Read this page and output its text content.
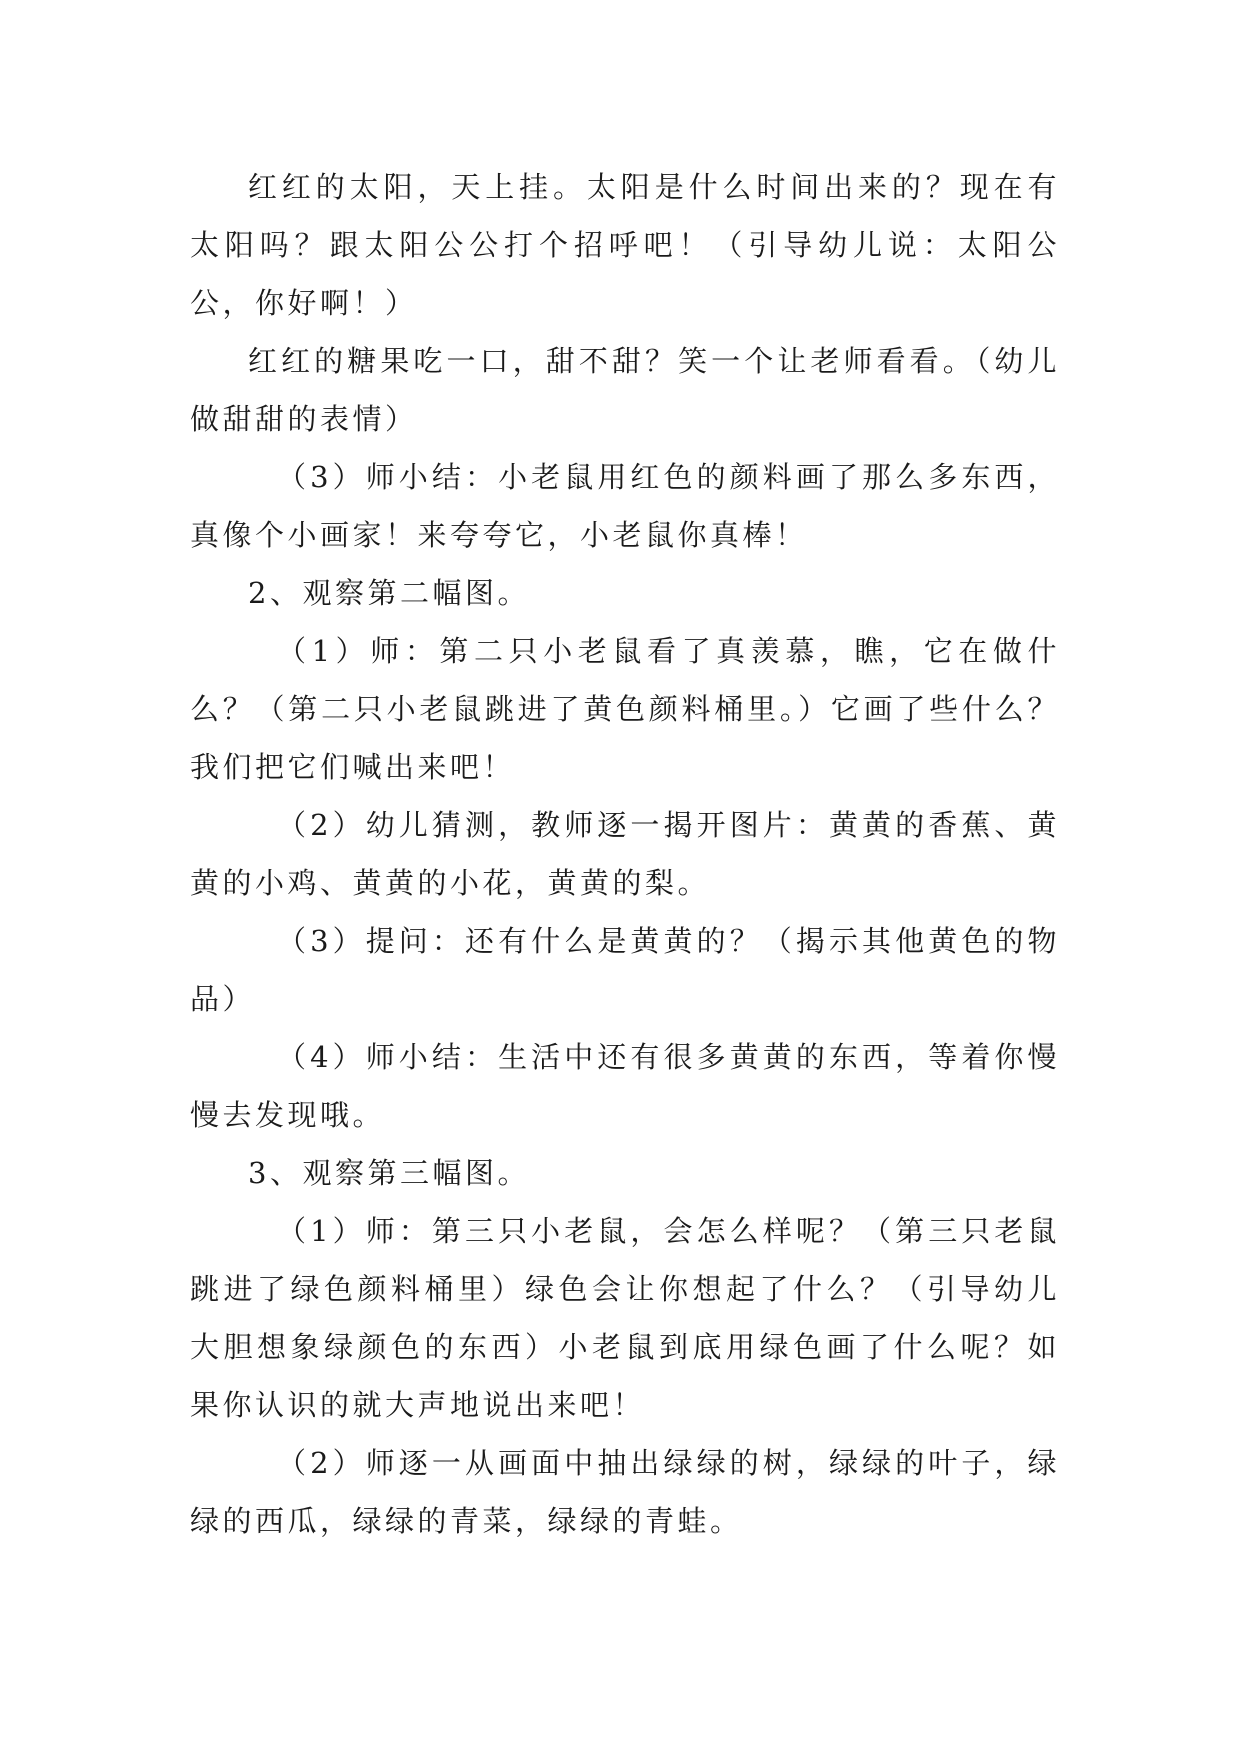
红红的太阳，天上挂。太阳是什么时间出来的？现在有太阳吗？跟太阳公公打个招呼吧！（引导幼儿说：太阳公公，你好啊！）

红红的糖果吃一口，甜不甜？笑一个让老师看看。（幼儿做甜甜的表情）

（3）师小结：小老鼠用红色的颜料画了那么多东西，真像个小画家！来夸夸它，小老鼠你真棒！

2、观察第二幅图。

（1）师：第二只小老鼠看了真羡慕，瞧，它在做什么？（第二只小老鼠跳进了黄色颜料桶里。）它画了些什么？我们把它们喊出来吧！

（2）幼儿猜测，教师逐一揭开图片：黄黄的香蕉、黄黄的小鸡、黄黄的小花，黄黄的梨。

（3）提问：还有什么是黄黄的？（揭示其他黄色的物品）

（4）师小结：生活中还有很多黄黄的东西，等着你慢慢去发现哦。

3、观察第三幅图。

（1）师：第三只小老鼠，会怎么样呢？（第三只老鼠跳进了绿色颜料桶里）绿色会让你想起了什么？（引导幼儿大胆想象绿颜色的东西）小老鼠到底用绿色画了什么呢？如果你认识的就大声地说出来吧！

（2）师逐一从画面中抽出绿绿的树，绿绿的叶子，绿绿的西瓜，绿绿的青菜，绿绿的青蛙。
